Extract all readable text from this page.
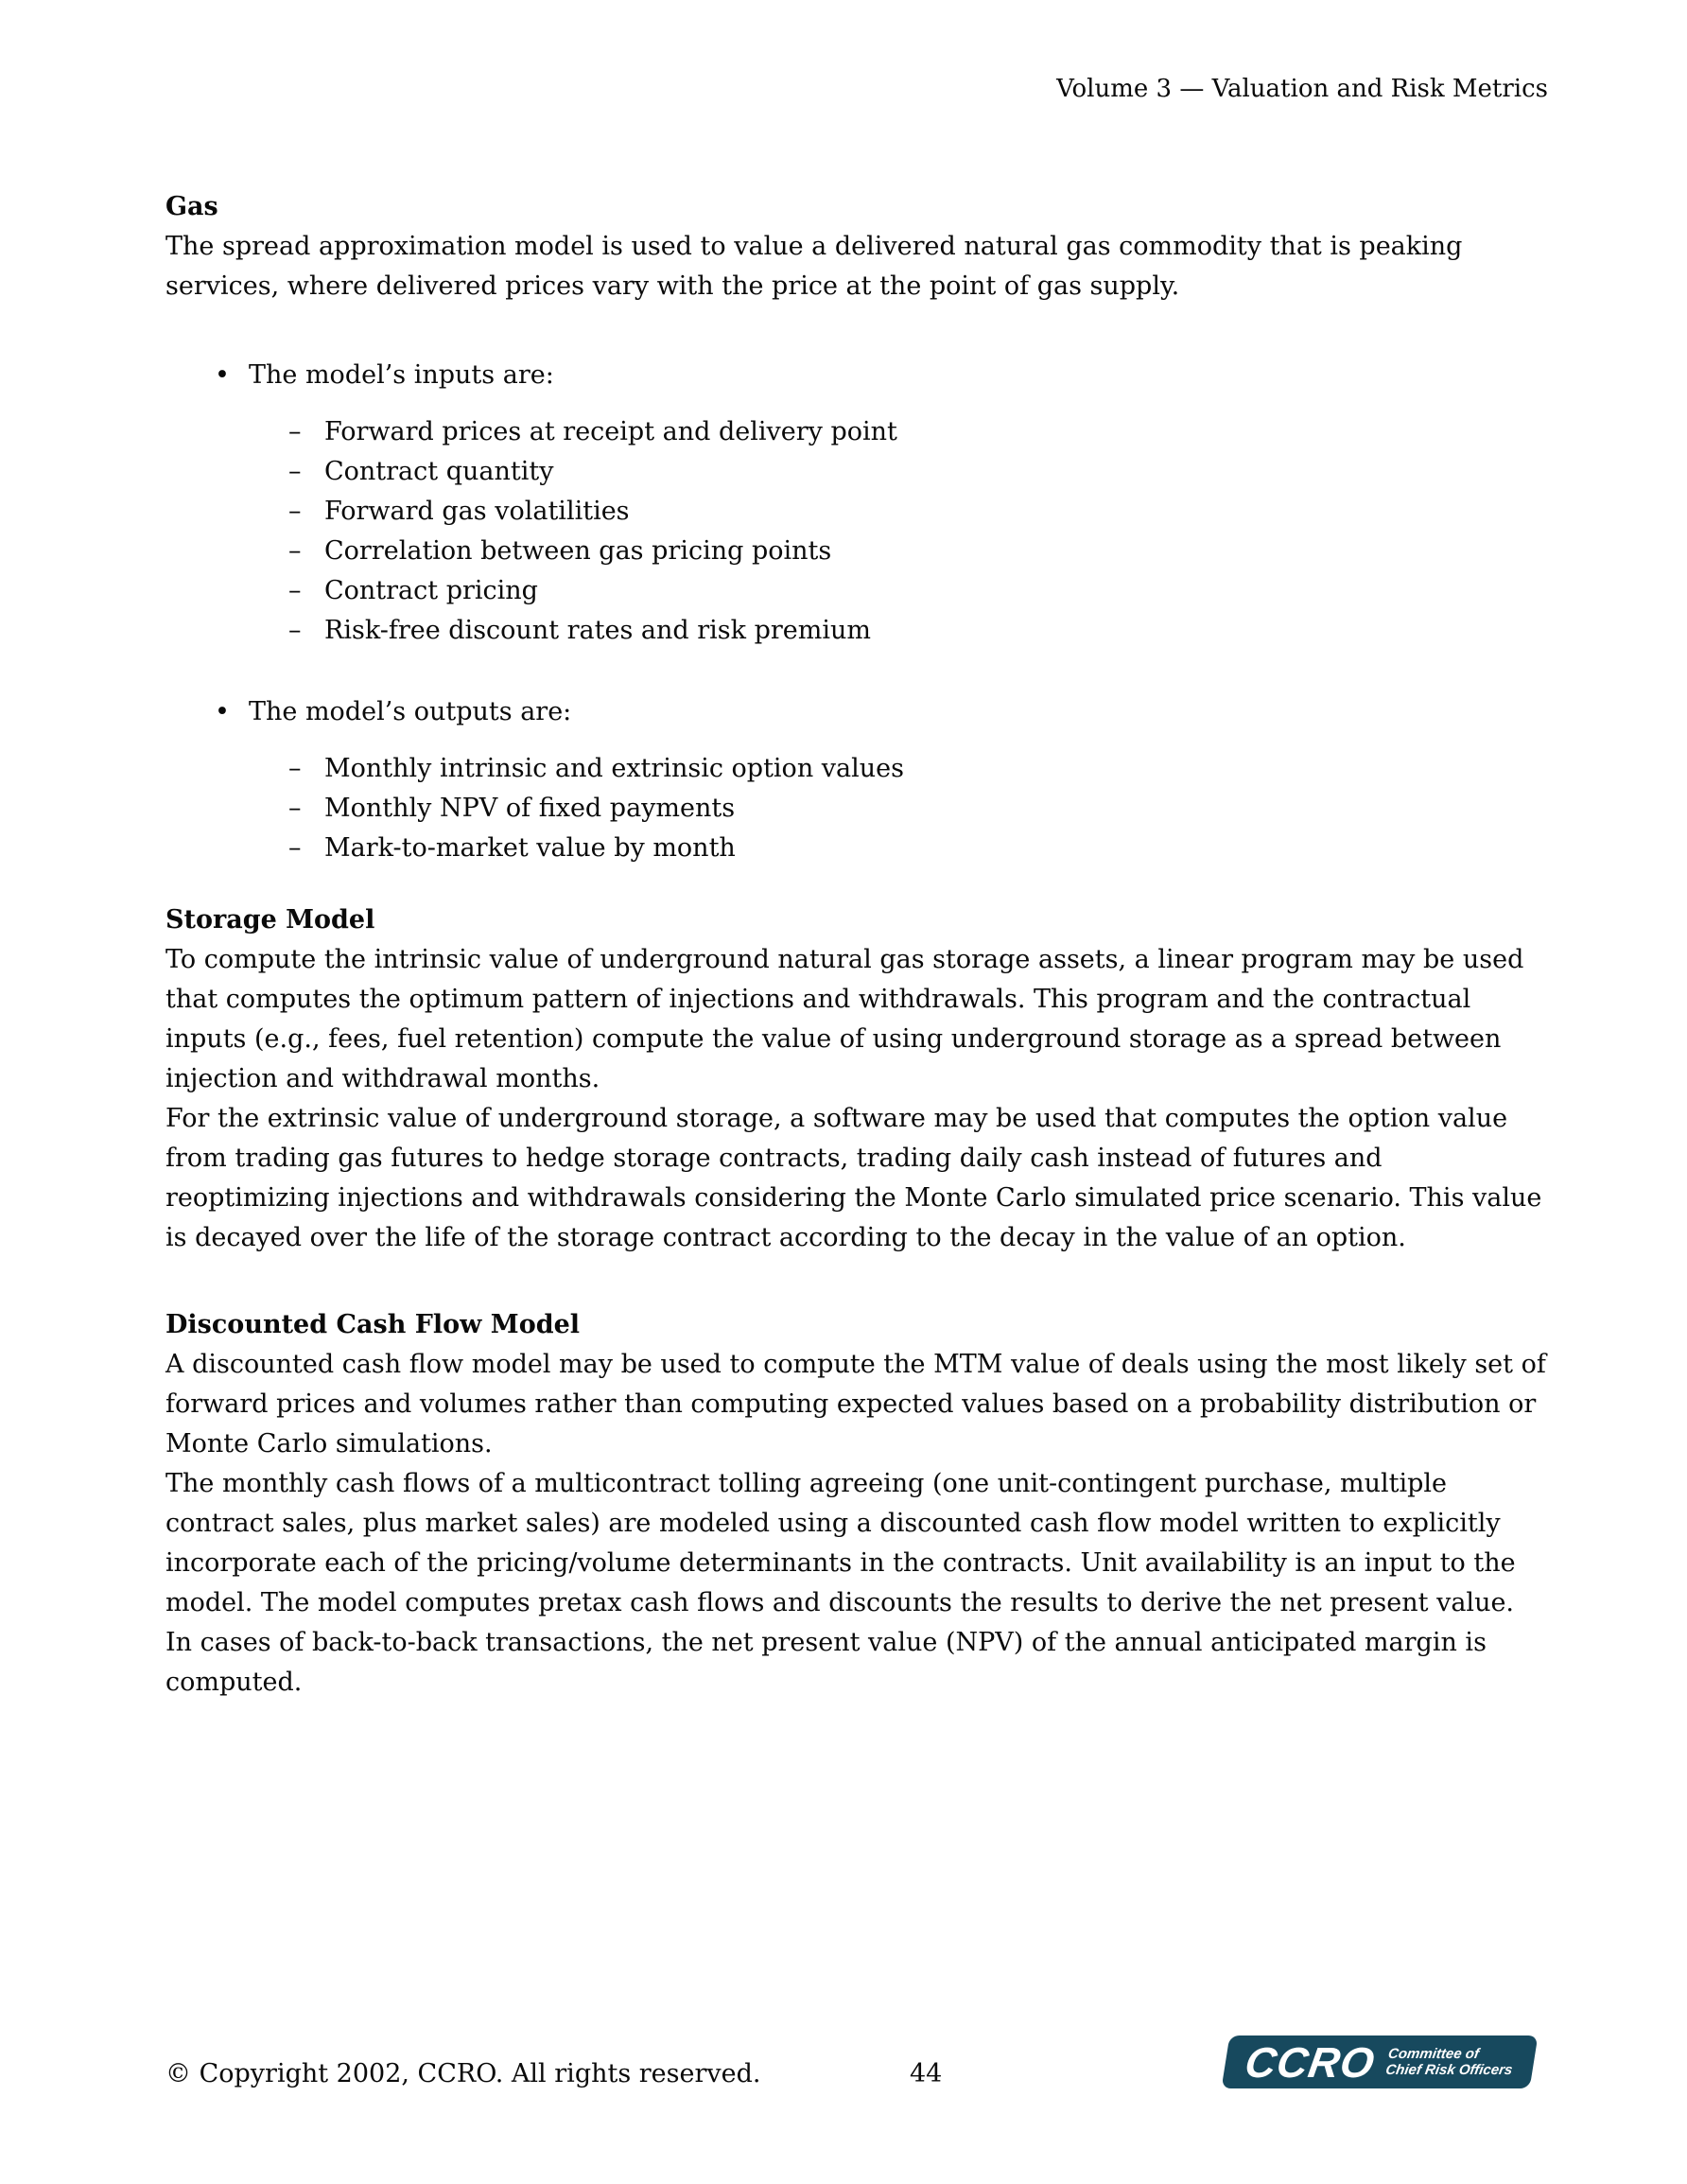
Volume 3 — Valuation and Risk Metrics
Gas

The spread approximation model is used to value a delivered natural gas commodity that is peaking services, where delivered prices vary with the price at the point of gas supply.

• The model’s inputs are:
– Forward prices at receipt and delivery point
– Contract quantity
– Forward gas volatilities
– Correlation between gas pricing points
– Contract pricing
– Risk-free discount rates and risk premium
• The model’s outputs are:
– Monthly intrinsic and extrinsic option values
– Monthly NPV of fixed payments
– Mark-to-market value by month
Storage Model

To compute the intrinsic value of underground natural gas storage assets, a linear program may be used that computes the optimum pattern of injections and withdrawals. This program and the contractual inputs (e.g., fees, fuel retention) compute the value of using underground storage as a spread between injection and withdrawal months.

For the extrinsic value of underground storage, a software may be used that computes the option value from trading gas futures to hedge storage contracts, trading daily cash instead of futures and reoptimizing injections and withdrawals considering the Monte Carlo simulated price scenario. This value is decayed over the life of the storage contract according to the decay in the value of an option.

Discounted Cash Flow Model

A discounted cash flow model may be used to compute the MTM value of deals using the most likely set of forward prices and volumes rather than computing expected values based on a probability distribution or Monte Carlo simulations.

The monthly cash flows of a multicontract tolling agreeing (one unit-contingent purchase, multiple contract sales, plus market sales) are modeled using a discounted cash flow model written to explicitly incorporate each of the pricing/volume determinants in the contracts. Unit availability is an input to the model. The model computes pretax cash flows and discounts the results to derive the net present value.

In cases of back-to-back transactions, the net present value (NPV) of the annual anticipated margin is computed.

© Copyright 2002, CCRO. All rights reserved.	44	CCRO Committee of
Chief Risk Officers
